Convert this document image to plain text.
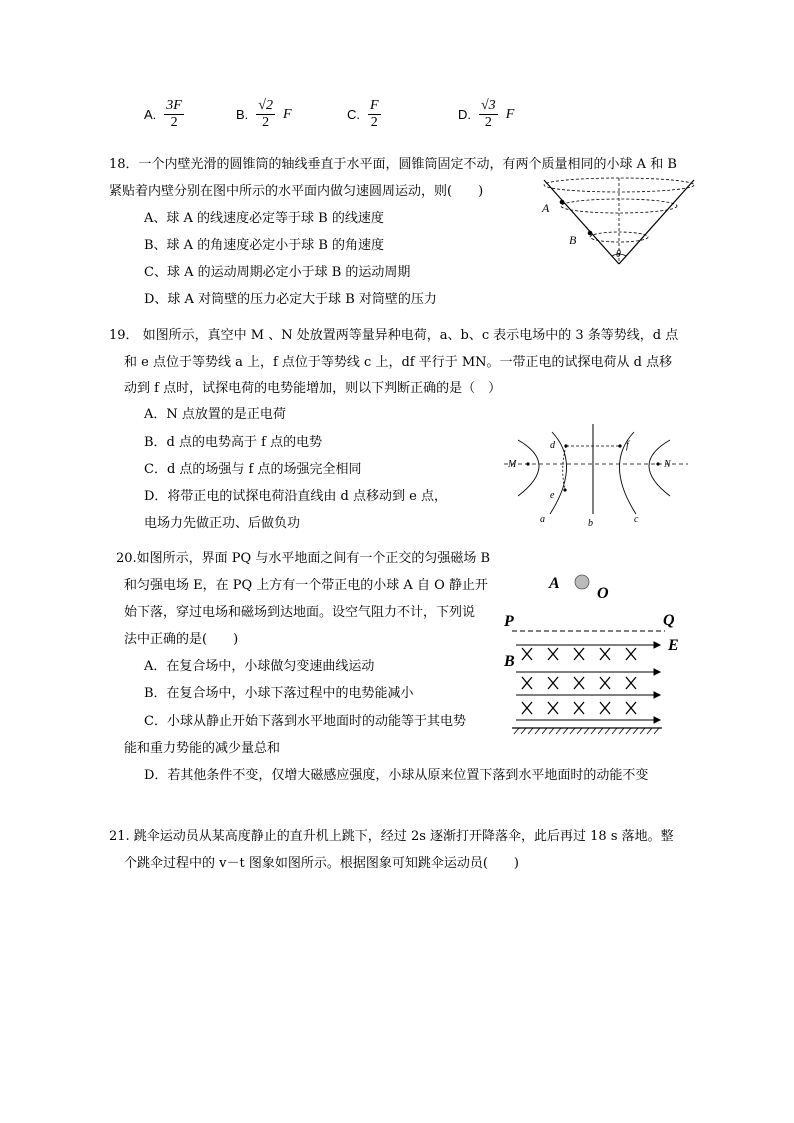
A. $\frac{3F}{2}$	B. $\frac{√2}{2}$ F	C. $\frac{F}{2}$	D. $\frac{√3}{2}$ F
18．一个内壁光滑的圆锥筒的轴线垂直于水平面，圆锥筒固定不动，有两个质量相同的小球 A 和 B
紧贴着内壁分别在图中所示的水平面内做匀速圆周运动，则(　　)
A、球 A 的线速度必定等于球 B 的线速度
B、球 A 的角速度必定小于球 B 的角速度
C、球 A 的运动周期必定小于球 B 的运动周期
D、球 A 对筒壁的压力必定大于球 B 对筒壁的压力
A
B
θ
19． 如图所示，真空中 M 、N 处放置两等量异种电荷，a、b、c 表示电场中的 3 条等势线，d 点
和 e 点位于等势线 a 上，f 点位于等势线 c 上，df 平行于 MN。一带正电的试探电荷从 d 点移
动到 f 点时，试探电荷的电势能增加，则以下判断正确的是（　）
A．N 点放置的是正电荷
B．d 点的电势高于 f 点的电势
C．d 点的场强与 f 点的场强完全相同
D．将带正电的试探电荷沿直线由 d 点移动到 e 点，
电场力先做正功、后做负功
M	N
d
e
f
a	b	c
20.如图所示，界面 PQ 与水平地面之间有一个正交的匀强磁场 B
和匀强电场 E，在 PQ 上方有一个带正电的小球 A 自 O 静止开
始下落，穿过电场和磁场到达地面。设空气阻力不计，下列说
法中正确的是(　　)
A．在复合场中，小球做匀变速曲线运动
B．在复合场中，小球下落过程中的电势能减小
C．小球从静止开始下落到水平地面时的动能等于其电势
能和重力势能的减少量总和
D．若其他条件不变，仅增大磁感应强度，小球从原来位置下落到水平地面时的动能不变
A
O
P	Q
B
E
21. 跳伞运动员从某高度静止的直升机上跳下，经过 2s 逐渐打开降落伞，此后再过 18 s 落地。整
个跳伞过程中的 v－t 图象如图所示。根据图象可知跳伞运动员(　　)
